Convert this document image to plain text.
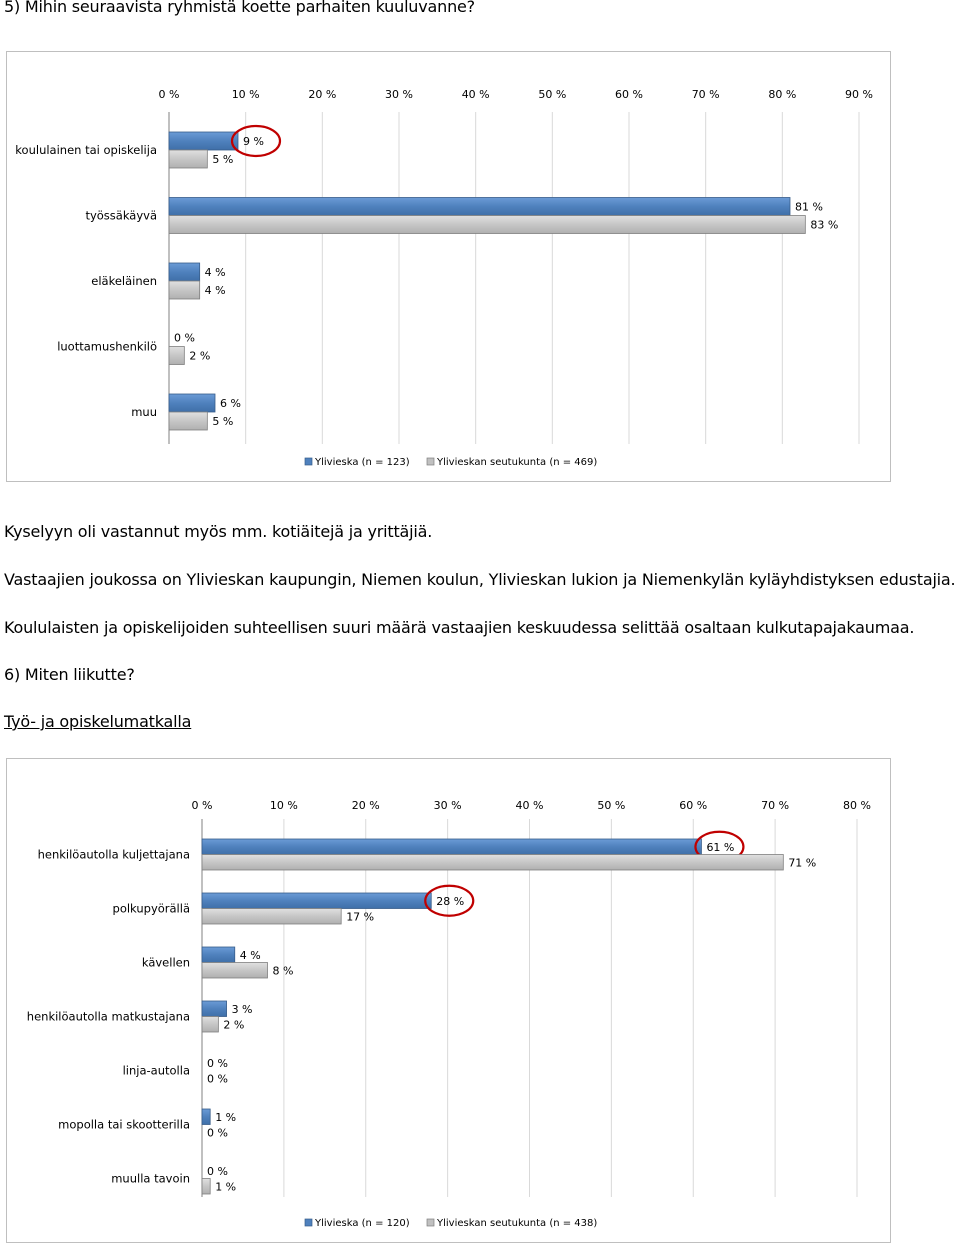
5) Mihin seuraavista ryhmistä koette parhaiten kuuluvanne?
0 %	10 %	20 %	30 %	40 %	50 %	60 %	70 %	80 %	90 %
koululainen tai opiskelija
9 %
5 %
työssäkäyvä
81 %
83 %
eläkeläinen
4 %
4 %
luottamushenkilö
0 %
2 %
muu
6 %
5 %
Ylivieska (n = 123)	Ylivieskan seutukunta (n = 469)
Kyselyyn oli vastannut myös mm. kotiäitejä ja yrittäjiä.
Vastaajien joukossa on Ylivieskan kaupungin, Niemen koulun, Ylivieskan lukion ja Niemenkylän kyläyhdistyksen edustajia.
Koululaisten ja opiskelijoiden suhteellisen suuri määrä vastaajien keskuudessa selittää osaltaan kulkutapajakaumaa.
6) Miten liikutte?
Työ- ja opiskelumatkalla
0 %	10 %	20 %	30 %	40 %	50 %	60 %	70 %	80 %
henkilöautolla kuljettajana
61 %
71 %
polkupyörällä
28 %
17 %
kävellen
4 %
8 %
henkilöautolla matkustajana
3 %
2 %
linja-autolla
0 %
0 %
mopolla tai skootterilla
1 %
0 %
muulla tavoin
0 %
1 %
Ylivieska (n = 120)	Ylivieskan seutukunta (n = 438)
